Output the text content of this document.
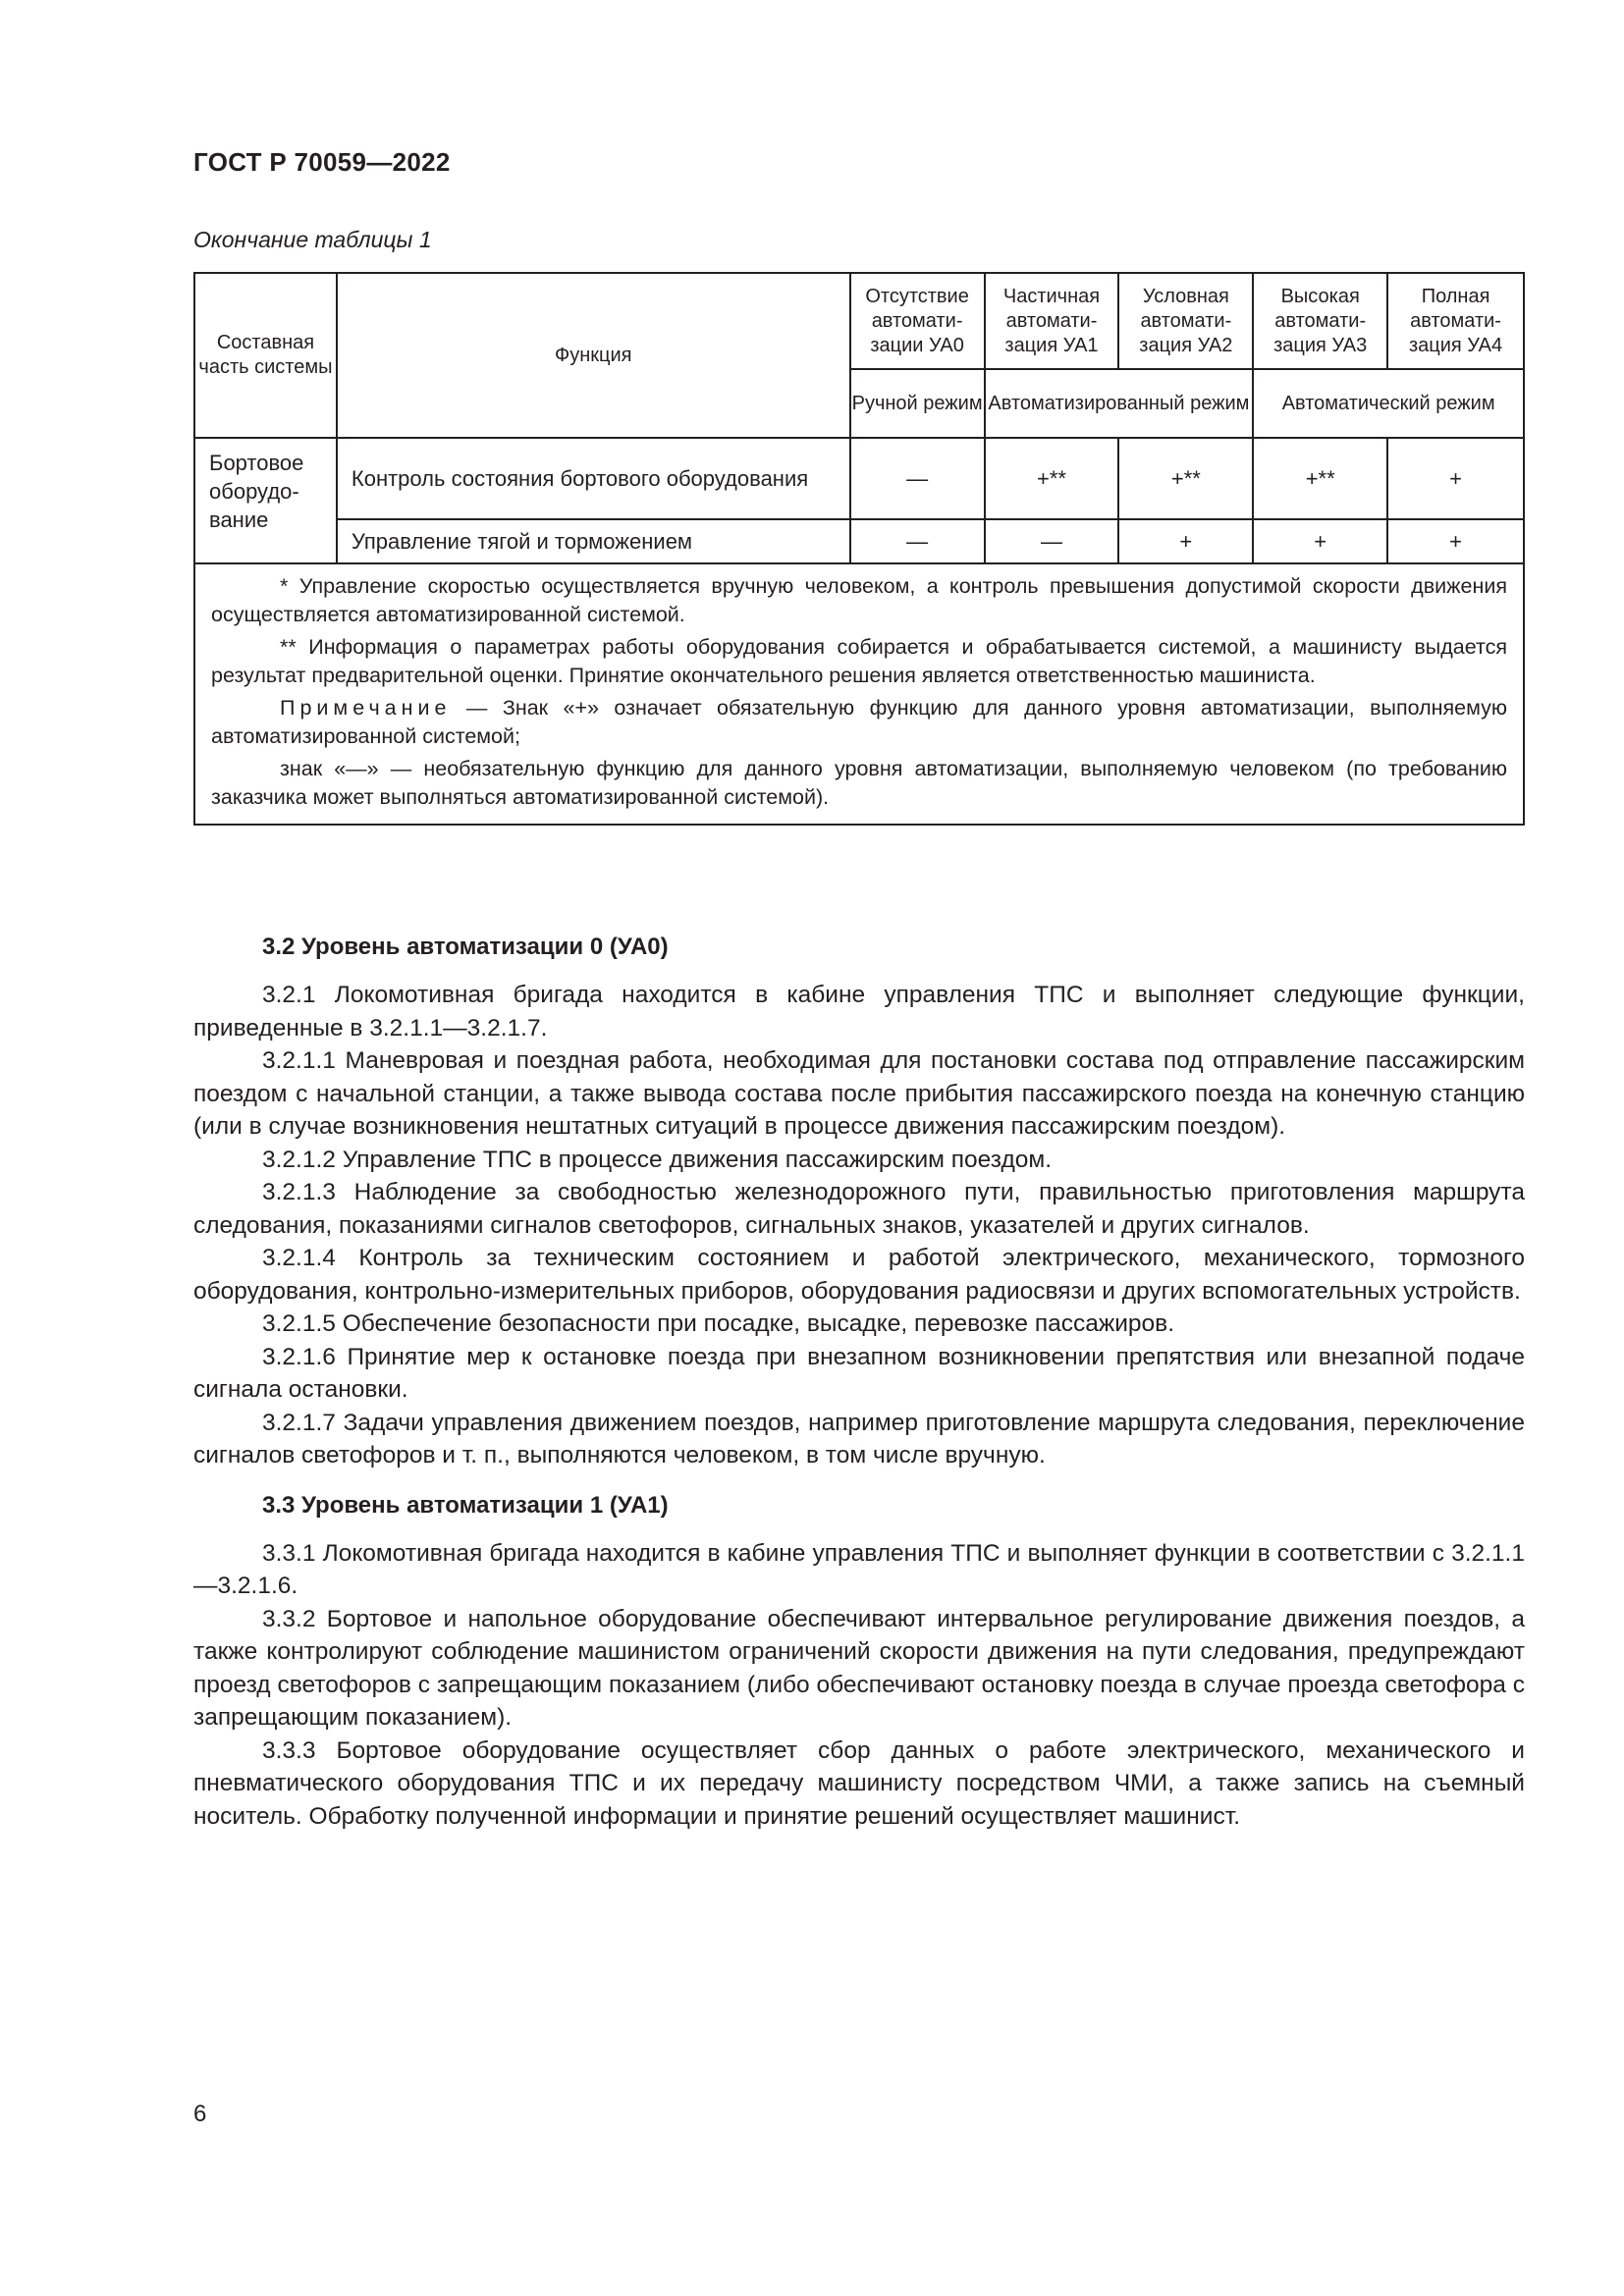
ГОСТ Р 70059—2022
Окончание таблицы 1
Составная часть системы	Функция	Отсутствие автоматизации УА0	Частичная автоматизация УА1	Условная автоматизация УА2	Высокая автоматизация УА3	Полная автоматизация УА4
		Ручной режим	Автоматизированный режим		Автоматический режим	
Бортовое оборудование	Контроль состояния бортового оборудования	—	+**	+**	+**	+
	Управление тягой и торможением	—	—	+	+	+

* Управление скоростью осуществляется вручную человеком, а контроль превышения допустимой скорости движения осуществляется автоматизированной системой.

** Информация о параметрах работы оборудования собирается и обрабатывается системой, а машинисту выдается результат предварительной оценки. Принятие окончательного решения является ответственностью машиниста.

Примечание — Знак «+» означает обязательную функцию для данного уровня автоматизации, выполняемую автоматизированной системой;

знак «—» — необязательную функцию для данного уровня автоматизации, выполняемую человеком (по требованию заказчика может выполняться автоматизированной системой).						

3.2 Уровень автоматизации 0 (УА0)

3.2.1 Локомотивная бригада находится в кабине управления ТПС и выполняет следующие функции, приведенные в 3.2.1.1—3.2.1.7.

3.2.1.1 Маневровая и поездная работа, необходимая для постановки состава под отправление пассажирским поездом с начальной станции, а также вывода состава после прибытия пассажирского поезда на конечную станцию (или в случае возникновения нештатных ситуаций в процессе движения пассажирским поездом).

3.2.1.2 Управление ТПС в процессе движения пассажирским поездом.

3.2.1.3 Наблюдение за свободностью железнодорожного пути, правильностью приготовления маршрута следования, показаниями сигналов светофоров, сигнальных знаков, указателей и других сигналов.

3.2.1.4 Контроль за техническим состоянием и работой электрического, механического, тормозного оборудования, контрольно-измерительных приборов, оборудования радиосвязи и других вспомогательных устройств.

3.2.1.5 Обеспечение безопасности при посадке, высадке, перевозке пассажиров.

3.2.1.6 Принятие мер к остановке поезда при внезапном возникновении препятствия или внезапной подаче сигнала остановки.

3.2.1.7 Задачи управления движением поездов, например приготовление маршрута следования, переключение сигналов светофоров и т. п., выполняются человеком, в том числе вручную.

3.3 Уровень автоматизации 1 (УА1)

3.3.1 Локомотивная бригада находится в кабине управления ТПС и выполняет функции в соответствии с 3.2.1.1—3.2.1.6.

3.3.2 Бортовое и напольное оборудование обеспечивают интервальное регулирование движения поездов, а также контролируют соблюдение машинистом ограничений скорости движения на пути следования, предупреждают проезд светофоров с запрещающим показанием (либо обеспечивают остановку поезда в случае проезда светофора с запрещающим показанием).

3.3.3 Бортовое оборудование осуществляет сбор данных о работе электрического, механического и пневматического оборудования ТПС и их передачу машинисту посредством ЧМИ, а также запись на съемный носитель. Обработку полученной информации и принятие решений осуществляет машинист.

6
